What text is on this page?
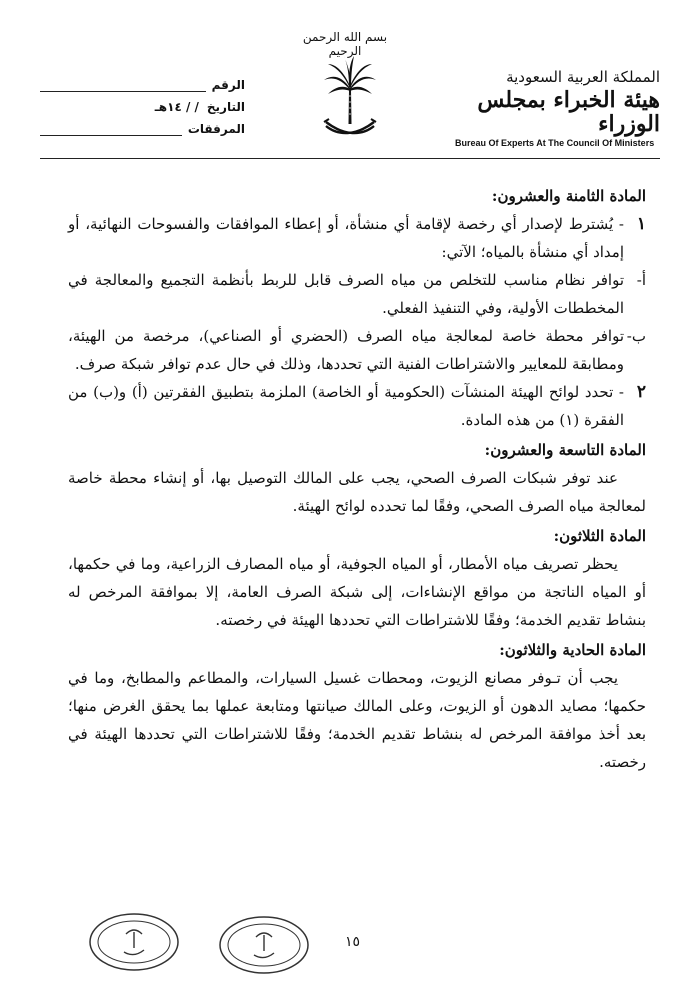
بسم الله الرحمن الرحيم
المملكة العربية السعودية
هيئة الخبراء بمجلس الوزراء
Bureau Of Experts At The Council Of Ministers
الرقم
التاريخ
/ / ١٤هـ
المرفقات
المادة الثامنة والعشرون:
١
- يُشترط لإصدار أي رخصة لإقامة أي منشأة، أو إعطاء الموافقات والفسوحات النهائية، أو إمداد أي منشأة بالمياه؛ الآتي:
أ-
توافر نظام مناسب للتخلص من مياه الصرف قابل للربط بأنظمة التجميع والمعالجة في المخططات الأولية، وفي التنفيذ الفعلي.
ب-
توافر محطة خاصة لمعالجة مياه الصرف (الحضري أو الصناعي)، مرخصة من الهيئة، ومطابقة للمعايير والاشتراطات الفنية التي تحددها، وذلك في حال عدم توافر شبكة صرف.
٢
- تحدد لوائح الهيئة المنشآت (الحكومية أو الخاصة) الملزمة بتطبيق الفقرتين (أ) و(ب) من الفقرة (١) من هذه المادة.
المادة التاسعة والعشرون:
عند توفر شبكات الصرف الصحي، يجب على المالك التوصيل بها، أو إنشاء محطة خاصة لمعالجة مياه الصرف الصحي، وفقًا لما تحدده لوائح الهيئة.
المادة الثلاثون:
يحظر تصريف مياه الأمطار، أو المياه الجوفية، أو مياه المصارف الزراعية، وما في حكمها، أو المياه الناتجة من مواقع الإنشاءات، إلى شبكة الصرف العامة، إلا بموافقة المرخص له بنشاط تقديم الخدمة؛ وفقًا للاشتراطات التي تحددها الهيئة في رخصته.
المادة الحادية والثلاثون:
يجب أن تـوفر مصانع الزيوت، ومحطات غسيل السيارات، والمطاعم والمطابخ، وما في حكمها؛ مصايد الدهون أو الزيوت، وعلى المالك صيانتها ومتابعة عملها بما يحقق الغرض منها؛ بعد أخذ موافقة المرخص له بنشاط تقديم الخدمة؛ وفقًا للاشتراطات التي تحددها الهيئة في رخصته.
١٥
